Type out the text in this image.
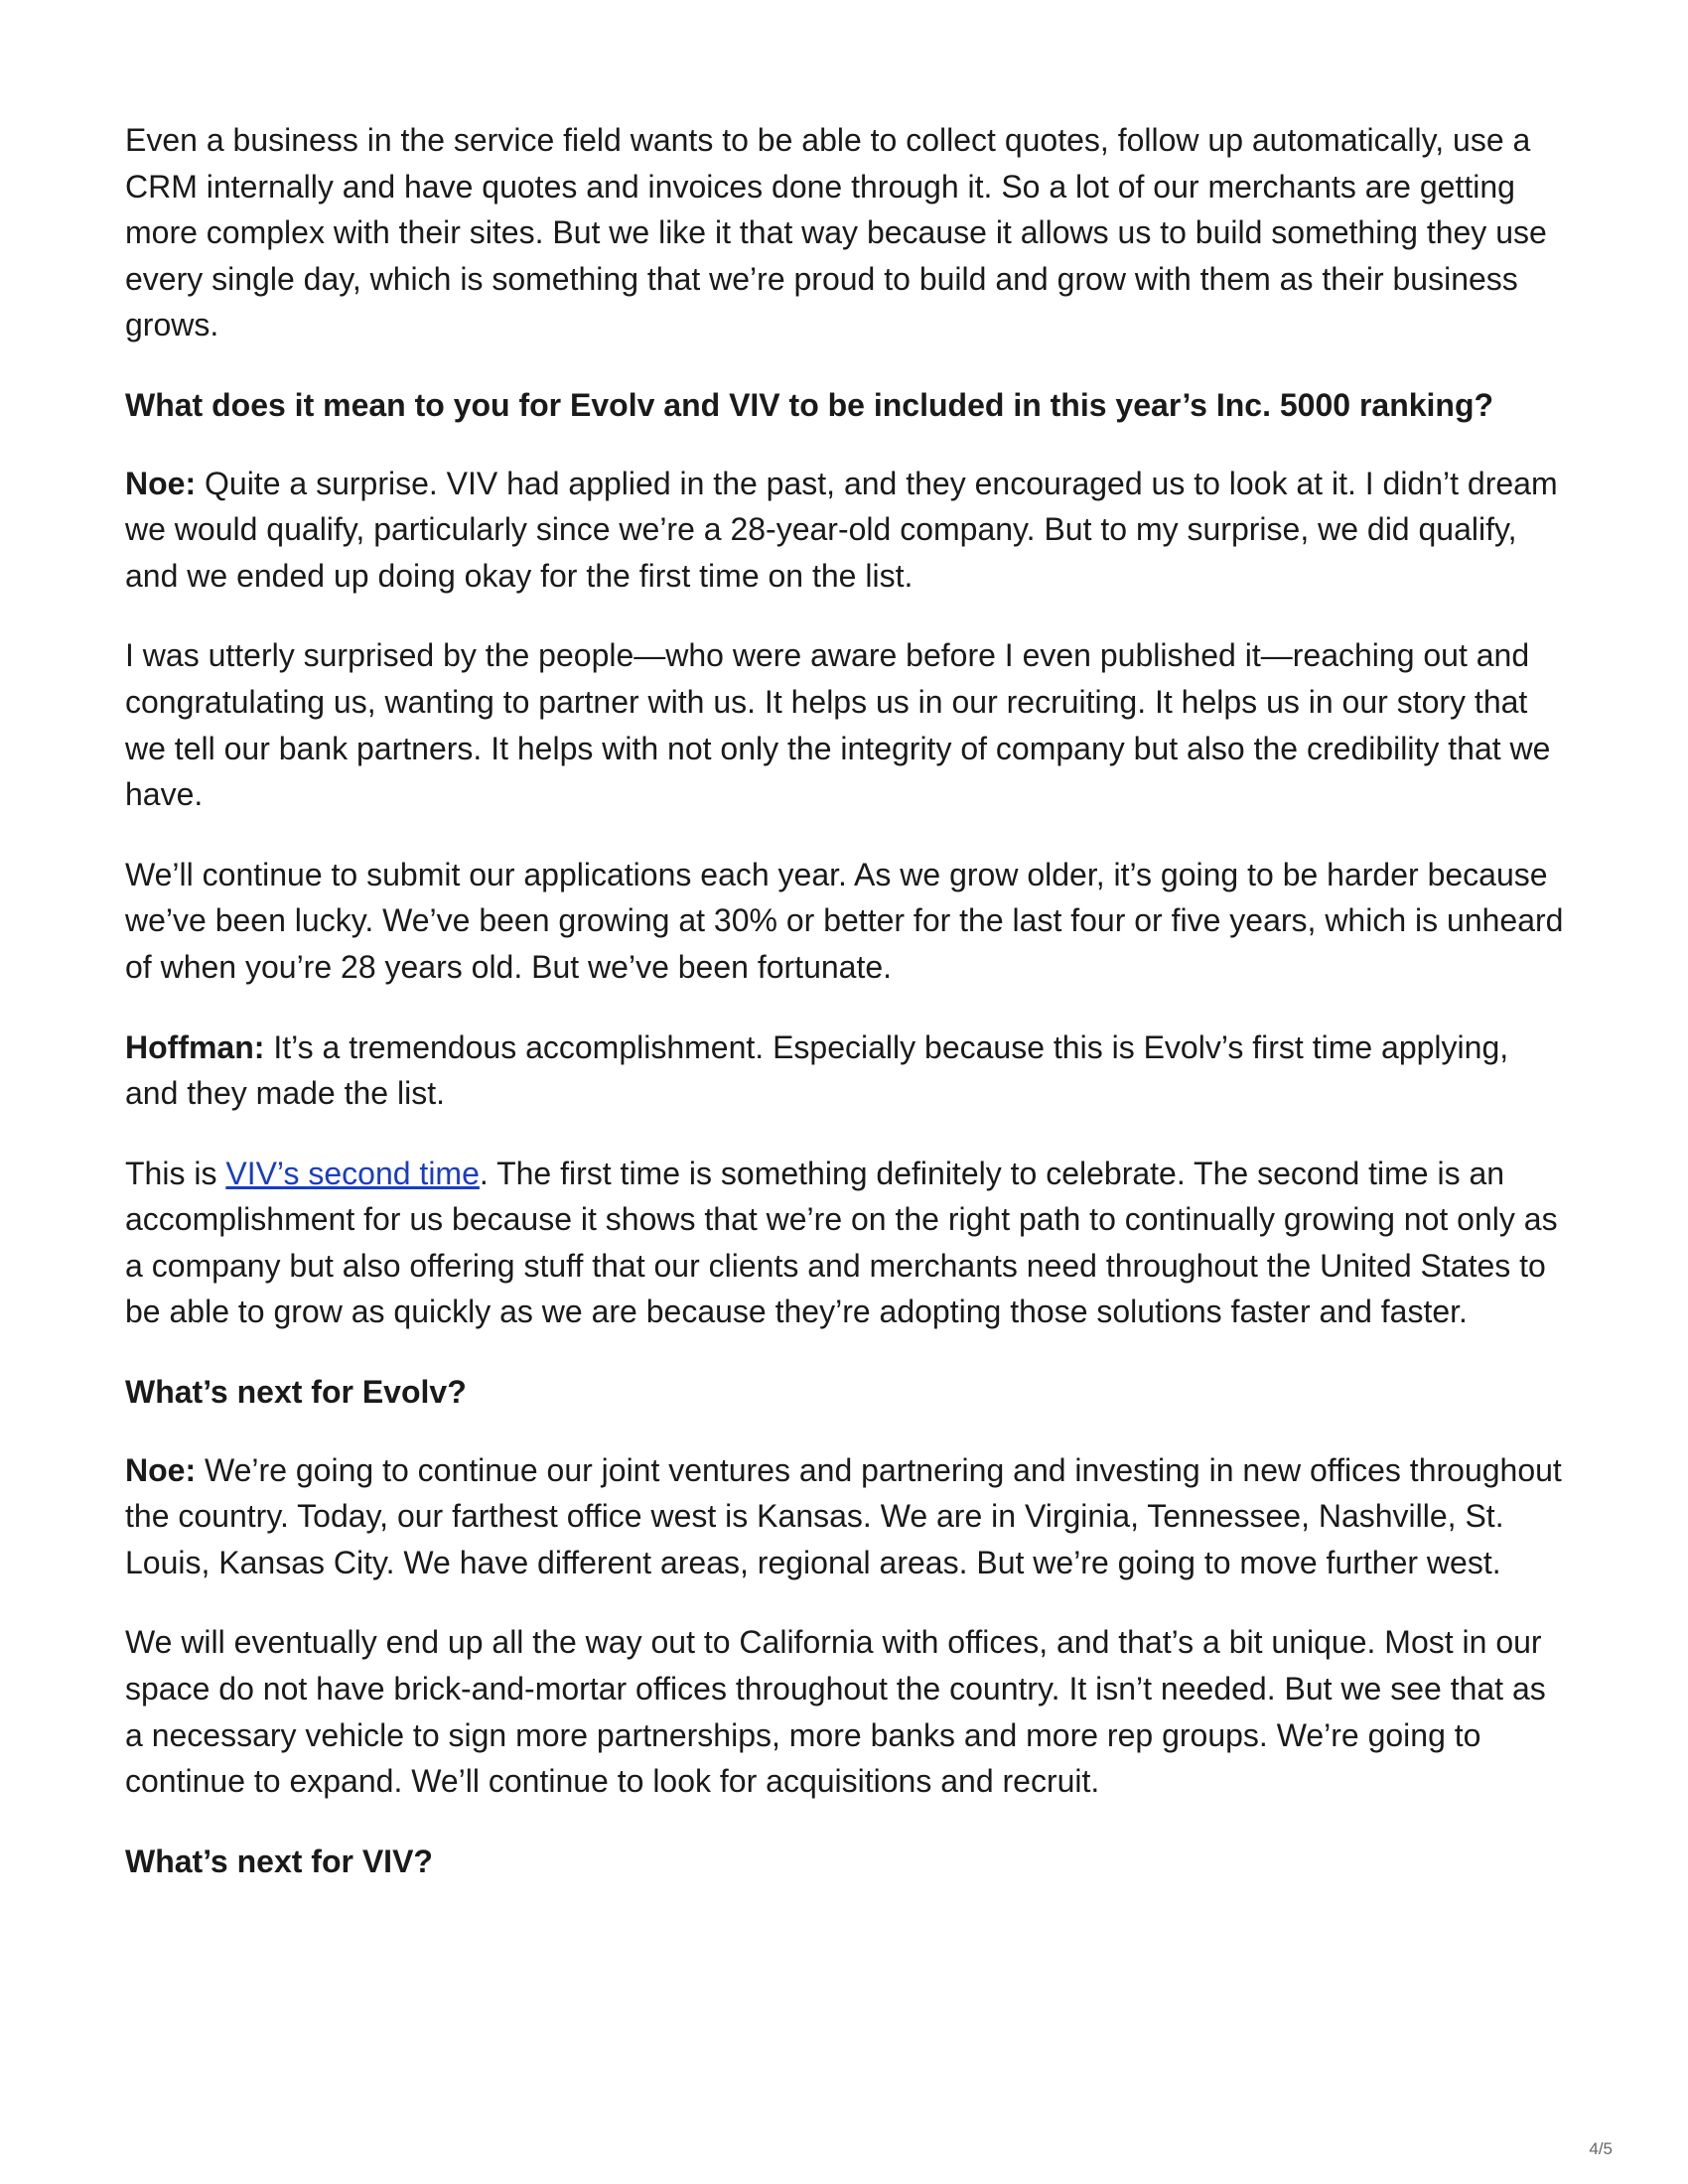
Even a business in the service field wants to be able to collect quotes, follow up automatically, use a CRM internally and have quotes and invoices done through it. So a lot of our merchants are getting more complex with their sites. But we like it that way because it allows us to build something they use every single day, which is something that we’re proud to build and grow with them as their business grows.

What does it mean to you for Evolv and VIV to be included in this year’s Inc. 5000 ranking?

Noe: Quite a surprise. VIV had applied in the past, and they encouraged us to look at it. I didn’t dream we would qualify, particularly since we’re a 28-year-old company. But to my surprise, we did qualify, and we ended up doing okay for the first time on the list.

I was utterly surprised by the people—who were aware before I even published it—reaching out and congratulating us, wanting to partner with us. It helps us in our recruiting. It helps us in our story that we tell our bank partners. It helps with not only the integrity of company but also the credibility that we have.

We’ll continue to submit our applications each year. As we grow older, it’s going to be harder because we’ve been lucky. We’ve been growing at 30% or better for the last four or five years, which is unheard of when you’re 28 years old. But we’ve been fortunate.

Hoffman: It’s a tremendous accomplishment. Especially because this is Evolv’s first time applying, and they made the list.

This is VIV’s second time. The first time is something definitely to celebrate. The second time is an accomplishment for us because it shows that we’re on the right path to continually growing not only as a company but also offering stuff that our clients and merchants need throughout the United States to be able to grow as quickly as we are because they’re adopting those solutions faster and faster.

What’s next for Evolv?

Noe: We’re going to continue our joint ventures and partnering and investing in new offices throughout the country. Today, our farthest office west is Kansas. We are in Virginia, Tennessee, Nashville, St. Louis, Kansas City. We have different areas, regional areas. But we’re going to move further west.

We will eventually end up all the way out to California with offices, and that’s a bit unique. Most in our space do not have brick-and-mortar offices throughout the country. It isn’t needed. But we see that as a necessary vehicle to sign more partnerships, more banks and more rep groups. We’re going to continue to expand. We’ll continue to look for acquisitions and recruit.

What’s next for VIV?

4/5
